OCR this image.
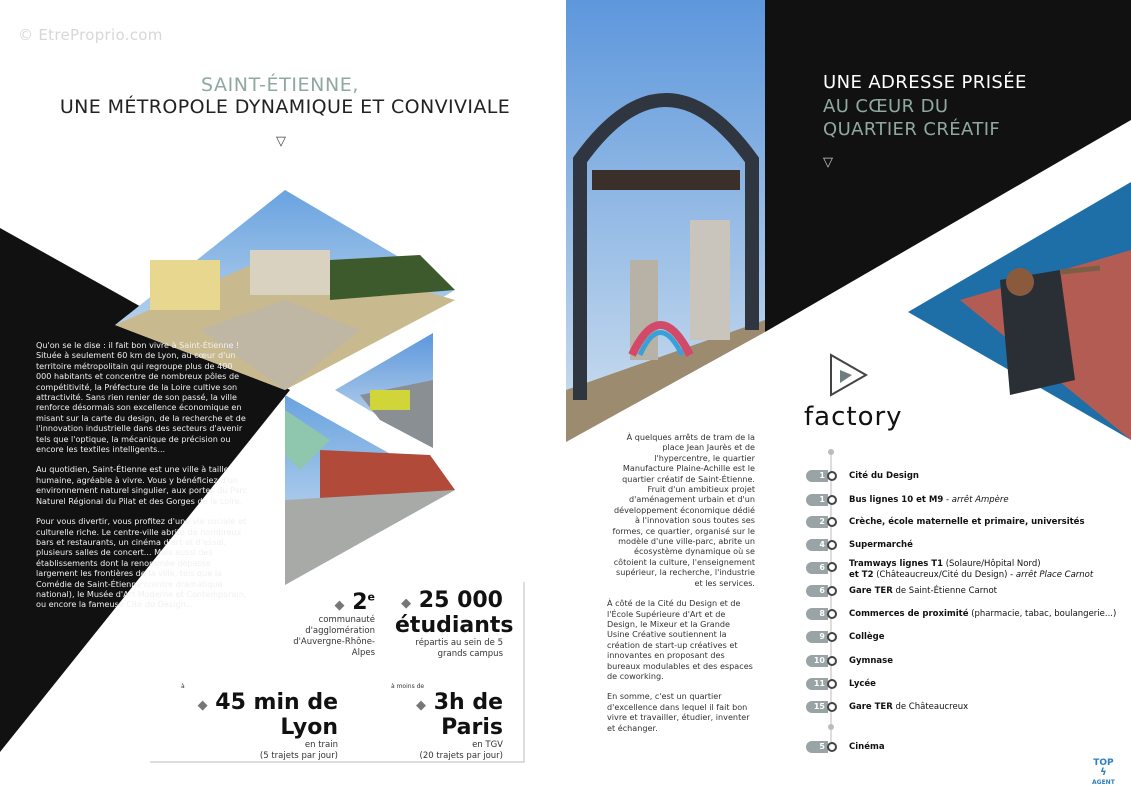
© EtreProprio.com
SAINT-ÉTIENNE,
UNE MÉTROPOLE DYNAMIQUE ET CONVIVIALE
▽

Qu'on se le dise : il fait bon vivre à Saint-Étienne ! Située à seulement 60 km de Lyon, au cœur d'un territoire métropolitain qui regroupe plus de 400 000 habitants et concentre de nombreux pôles de compétitivité, la Préfecture de la Loire cultive son attractivité. Sans rien renier de son passé, la ville renforce désormais son excellence économique en misant sur la carte du design, de la recherche et de l'innovation industrielle dans des secteurs d'avenir tels que l'optique, la mécanique de précision ou encore les textiles intelligents...

Au quotidien, Saint-Étienne est une ville à taille humaine, agréable à vivre. Vous y bénéficiez d'un environnement naturel singulier, aux portes du Parc Naturel Régional du Pilat et des Gorges de la Loire.

Pour vous divertir, vous profitez d'une vie sociale et culturelle riche. Le centre-ville abrite de nombreux bars et restaurants, un cinéma d'art et d'essai, plusieurs salles de concert... Mais aussi des établissements dont la renommée dépasse largement les frontières de la ville, tels que la Comédie de Saint-Étienne (centre dramatique national), le Musée d'Art Moderne et Contemporain, ou encore la fameuse Cité du Design...	◆ 2e
communauté d'agglomération d'Auvergne-Rhône-Alpes
◆ 25 000
étudiants
répartis au sein de 5 grands campus
à
◆ 45 min de Lyon
en train
(5 trajets par jour)
à moins de
◆ 3h de Paris
en TGV
(20 trajets par jour)

À quelques arrêts de tram de la place Jean Jaurès et de l'hypercentre, le quartier Manufacture Plaine-Achille est le quartier créatif de Saint-Étienne. Fruit d'un ambitieux projet d'aménagement urbain et d'un développement économique dédié à l'innovation sous toutes ses formes, ce quartier, organisé sur le modèle d'une ville-parc, abrite un écosystème dynamique où se côtoient la culture, l'enseignement supérieur, la recherche, l'industrie et les services.

À côté de la Cité du Design et de l'École Supérieure d'Art et de Design, le Mixeur et la Grande Usine Créative soutiennent la création de start-up créatives et innovantes en proposant des bureaux modulables et des espaces de coworking.

En somme, c'est un quartier d'excellence dans lequel il fait bon vivre et travailler, étudier, inventer et échanger.

UNE ADRESSE PRISÉE
AU CŒUR DU
QUARTIER CRÉATIF
▽
factory
1	Cité du Design
1	Bus lignes 10 et M9 - arrêt Ampère
2	Crèche, école maternelle et primaire, universités
4	Supermarché
6	Tramways lignes T1 (Solaure/Hôpital Nord)
et T2 (Châteaucreux/Cité du Design) - arrêt Place Carnot
6	Gare TER de Saint-Étienne Carnot
8	Commerces de proximité (pharmacie, tabac, boulangerie...)
9	Collège
10	Gymnase
11	Lycée
15	Gare TER de Châteaucreux
5	Cinéma
TOP
ϟ
AGENT
